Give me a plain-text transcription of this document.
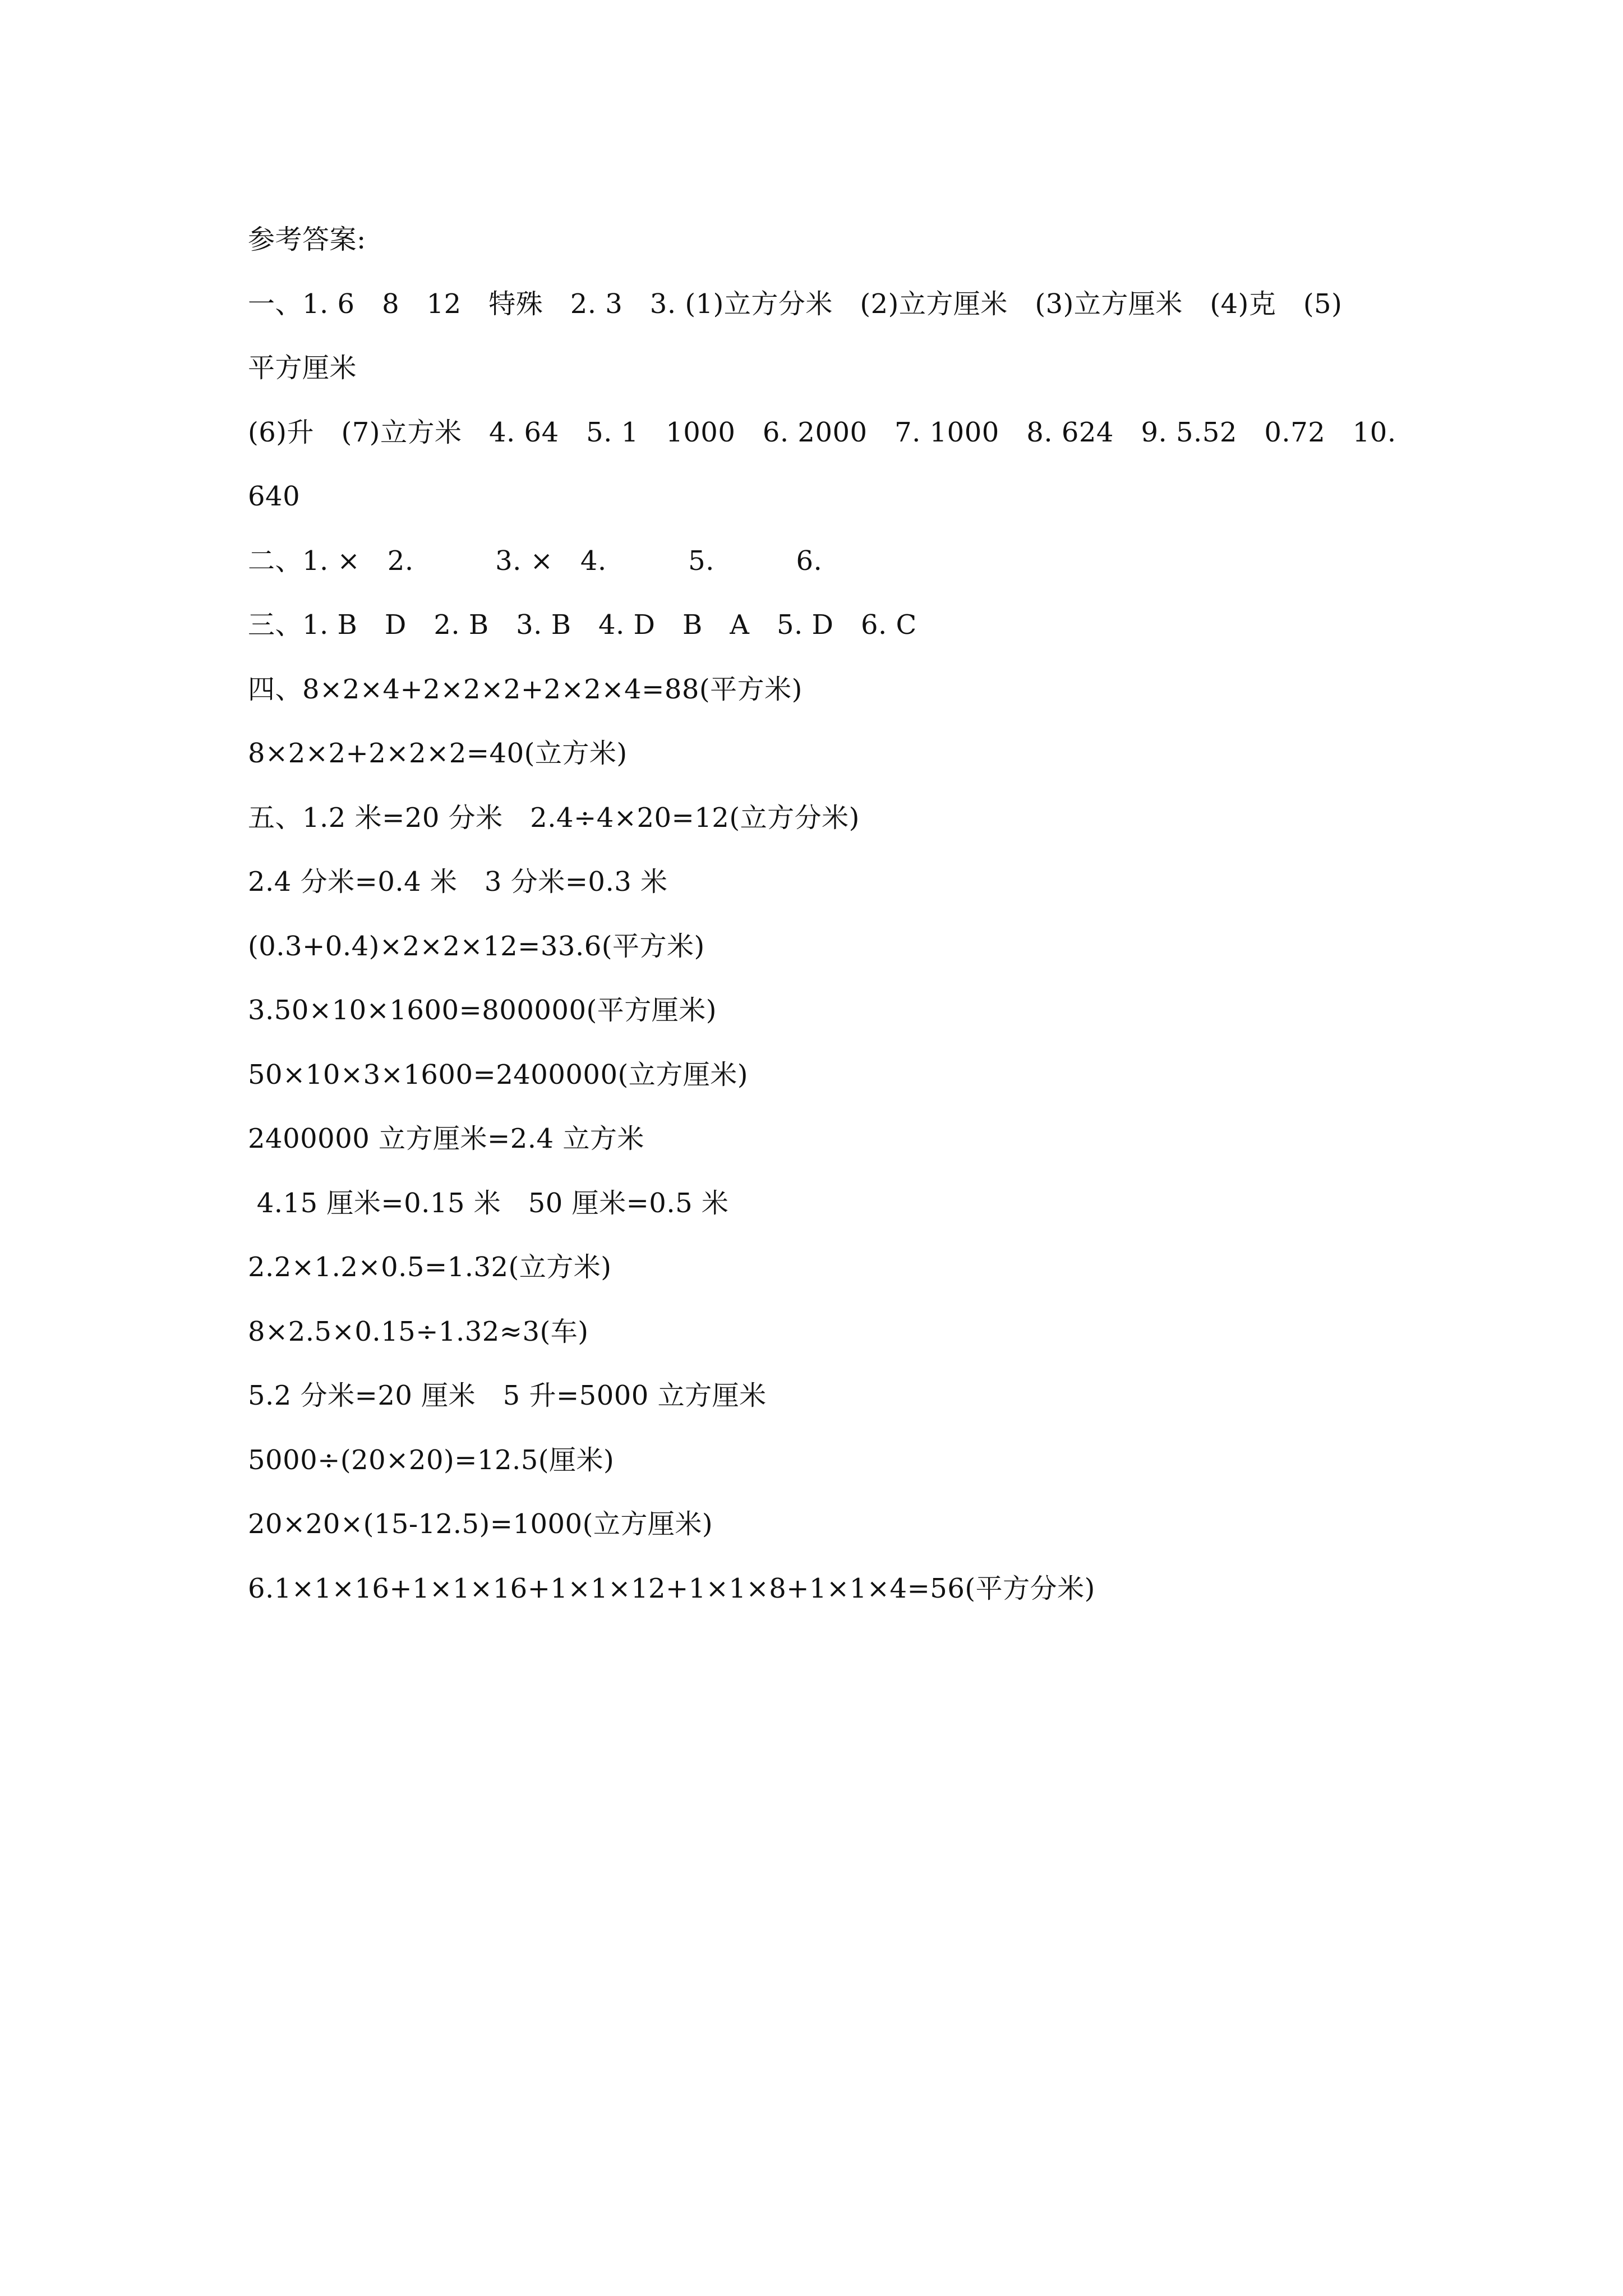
参考答案:
一、1. 6　8　12　特殊　2. 3　3. (1)立方分米　(2)立方厘米　(3)立方厘米　(4)克　(5)
平方厘米
(6)升　(7)立方米　4. 64　5. 1　1000　6. 2000　7. 1000　8. 624　9. 5.52　0.72　10.
640
二、1. ×　2.　　　3. ×　4.　　　5.　　　6.
三、1. B　D　2. B　3. B　4. D　B　A　5. D　6. C
四、8×2×4+2×2×2+2×2×4=88(平方米)
8×2×2+2×2×2=40(立方米)
五、1.2 米=20 分米　2.4÷4×20=12(立方分米)
2.4 分米=0.4 米　3 分米=0.3 米
(0.3+0.4)×2×2×12=33.6(平方米)
3.50×10×1600=800000(平方厘米)
50×10×3×1600=2400000(立方厘米)
2400000 立方厘米=2.4 立方米
4.15 厘米=0.15 米　50 厘米=0.5 米
2.2×1.2×0.5=1.32(立方米)
8×2.5×0.15÷1.32≈3(车)
5.2 分米=20 厘米　5 升=5000 立方厘米
5000÷(20×20)=12.5(厘米)
20×20×(15-12.5)=1000(立方厘米)
6.1×1×16+1×1×16+1×1×12+1×1×8+1×1×4=56(平方分米)
